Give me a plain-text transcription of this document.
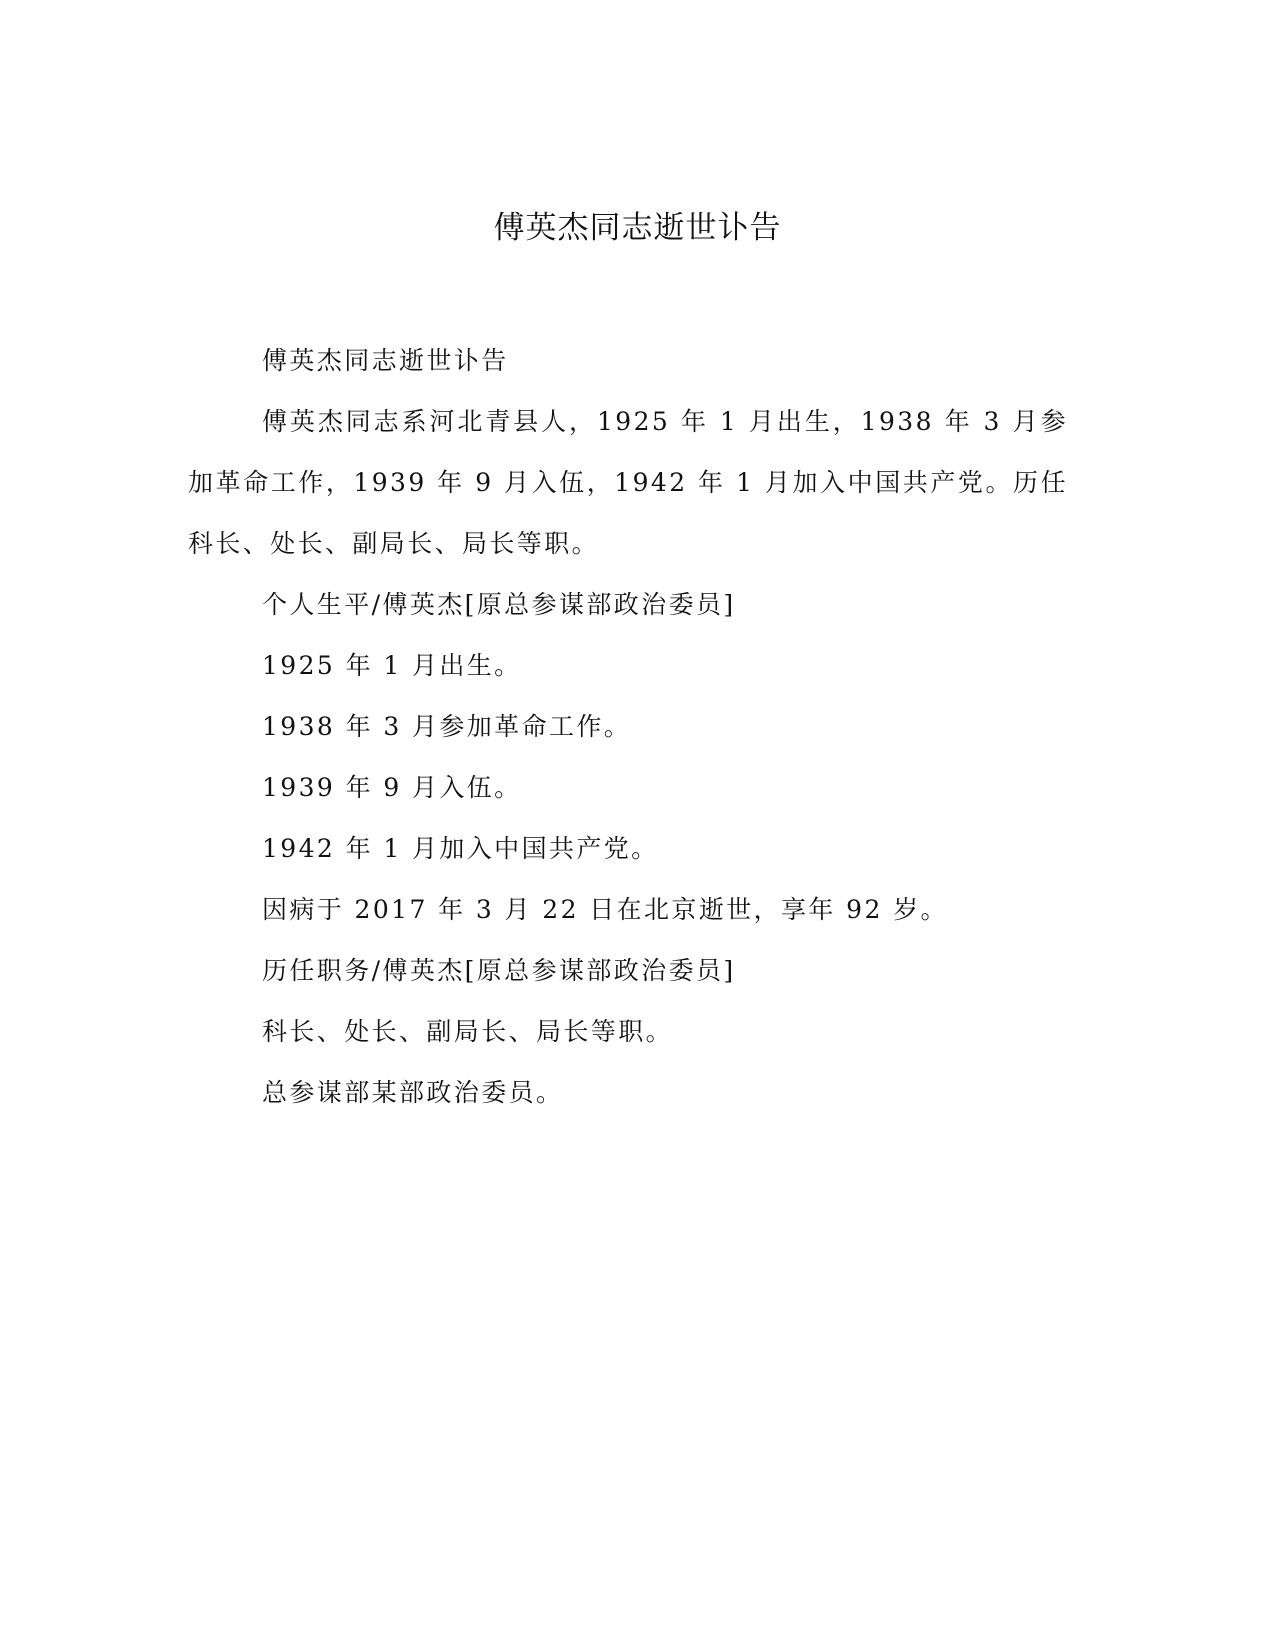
傅英杰同志逝世讣告

傅英杰同志逝世讣告

傅英杰同志系河北青县人，1925 年 1 月出生，1938 年 3 月参加革命工作，1939 年 9 月入伍，1942 年 1 月加入中国共产党。历任科长、处长、副局长、局长等职。

个人生平/傅英杰[原总参谋部政治委员]

1925 年 1 月出生。

1938 年 3 月参加革命工作。

1939 年 9 月入伍。

1942 年 1 月加入中国共产党。

因病于 2017 年 3 月 22 日在北京逝世，享年 92 岁。

历任职务/傅英杰[原总参谋部政治委员]

科长、处长、副局长、局长等职。

总参谋部某部政治委员。
